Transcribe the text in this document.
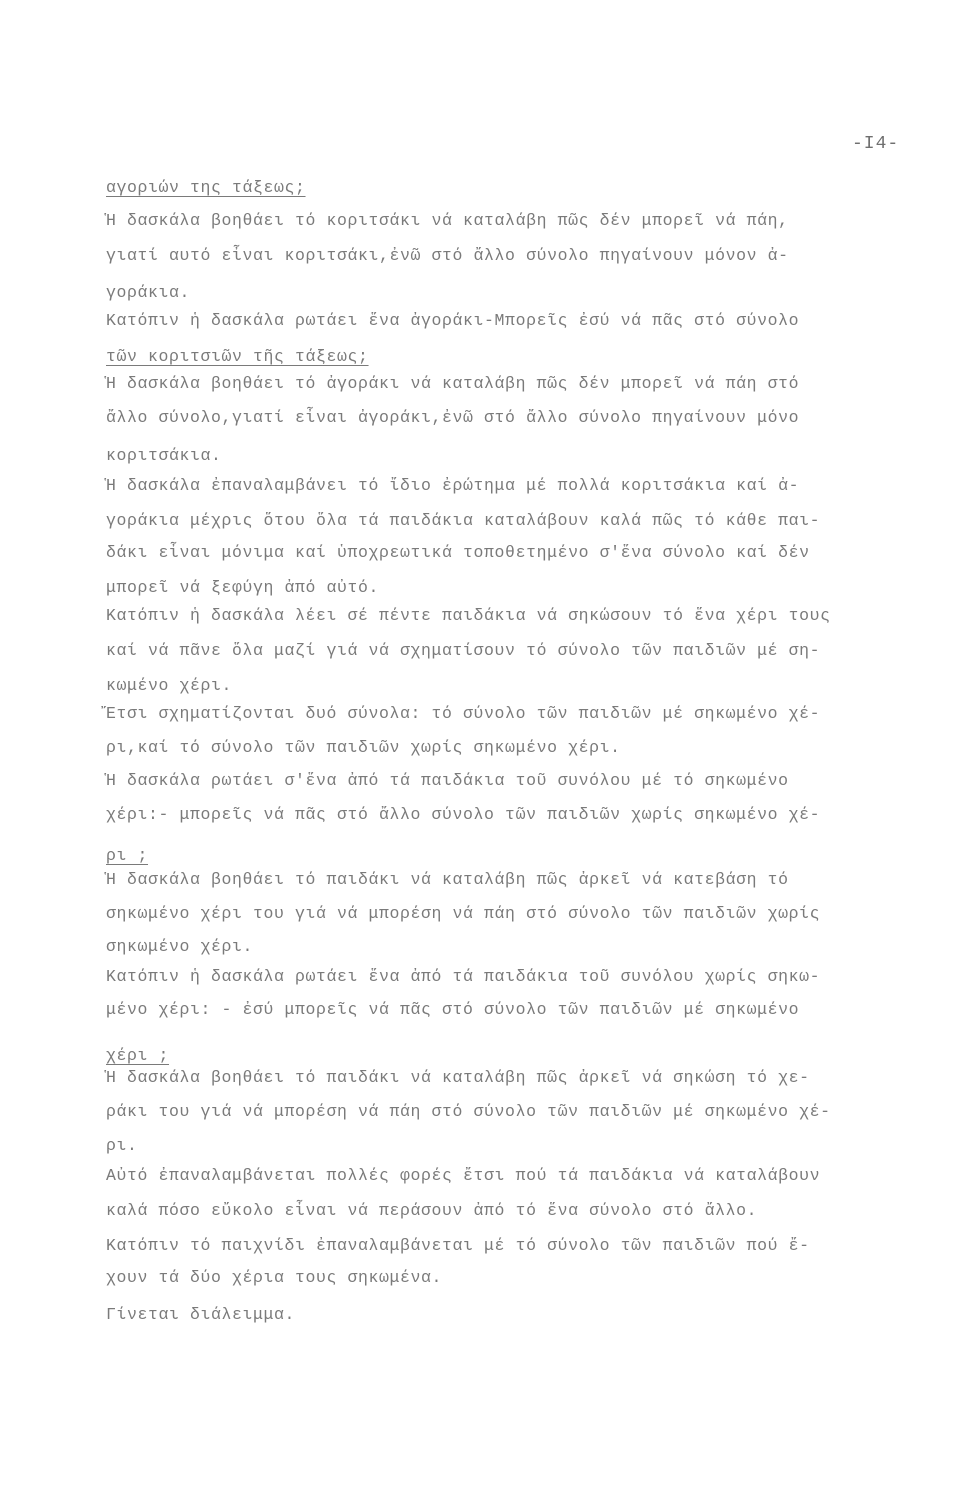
-I4-
αγοριών της τάξεως;
Ἡ δασκάλα βοηθάει τό κοριτσάκι νά καταλάβη πῶς δέν μπορεῖ νά πάη,
γιατί αυτό εἶναι κοριτσάκι,ἐνῶ στό ἄλλο σύνολο πηγαίνουν μόνον ἀ-
γοράκια.
Κατόπιν ἡ δασκάλα ρωτάει ἕνα ἀγοράκι-Μπορεῖς ἐσύ νά πᾶς στό σύνολο
τῶν κοριτσιῶν τῆς τάξεως;
Ἡ δασκάλα βοηθάει τό ἀγοράκι νά καταλάβη πῶς δέν μπορεῖ νά πάη στό
ἄλλο σύνολο,γιατί εἶναι ἀγοράκι,ἐνῶ στό ἄλλο σύνολο πηγαίνουν μόνο
κοριτσάκια.
Ἡ δασκάλα ἐπαναλαμβάνει τό ἴδιο ἐρώτημα μέ πολλά κοριτσάκια καί ἀ-
γοράκια μέχρις ὅτου ὅλα τά παιδάκια καταλάβουν καλά πῶς τό κάθε παι-
δάκι εἶναι μόνιμα καί ὑποχρεωτικά τοποθετημένο σ'ἕνα σύνολο καί δέν
μπορεῖ νά ξεφύγη ἀπό αὐτό.
Κατόπιν ἡ δασκάλα λέει σέ πέντε παιδάκια νά σηκώσουν τό ἕνα χέρι τους
καί νά πᾶνε ὅλα μαζί γιά νά σχηματίσουν τό σύνολο τῶν παιδιῶν μέ ση-
κωμένο χέρι.
Ἔτσι σχηματίζονται δυό σύνολα: τό σύνολο τῶν παιδιῶν μέ σηκωμένο χέ-
ρι,καί τό σύνολο τῶν παιδιῶν χωρίς σηκωμένο χέρι.
Ἡ δασκάλα ρωτάει σ'ἕνα ἀπό τά παιδάκια τοῦ συνόλου μέ τό σηκωμένο
χέρι:- μπορεῖς νά πᾶς στό ἄλλο σύνολο τῶν παιδιῶν χωρίς σηκωμένο χέ-
ρι ;
Ἡ δασκάλα βοηθάει τό παιδάκι νά καταλάβη πῶς ἀρκεῖ νά κατεβάση τό
σηκωμένο χέρι του γιά νά μπορέση νά πάη στό σύνολο τῶν παιδιῶν χωρίς
σηκωμένο χέρι.
Κατόπιν ἡ δασκάλα ρωτάει ἕνα ἀπό τά παιδάκια τοῦ συνόλου χωρίς σηκω-
μένο χέρι: - ἐσύ μπορεῖς νά πᾶς στό σύνολο τῶν παιδιῶν μέ σηκωμένο
χέρι ;
Ἡ δασκάλα βοηθάει τό παιδάκι νά καταλάβη πῶς ἀρκεῖ νά σηκώση τό χε-
ράκι του γιά νά μπορέση νά πάη στό σύνολο τῶν παιδιῶν μέ σηκωμένο χέ-
ρι.
Αὐτό ἐπαναλαμβάνεται πολλές φορές ἔτσι πού τά παιδάκια νά καταλάβουν
καλά πόσο εὔκολο εἶναι νά περάσουν ἀπό τό ἕνα σύνολο στό ἄλλο.
Κατόπιν τό παιχνίδι ἐπαναλαμβάνεται μέ τό σύνολο τῶν παιδιῶν πού ἔ-
χουν τά δύο χέρια τους σηκωμένα.
Γίνεται διάλειμμα.
